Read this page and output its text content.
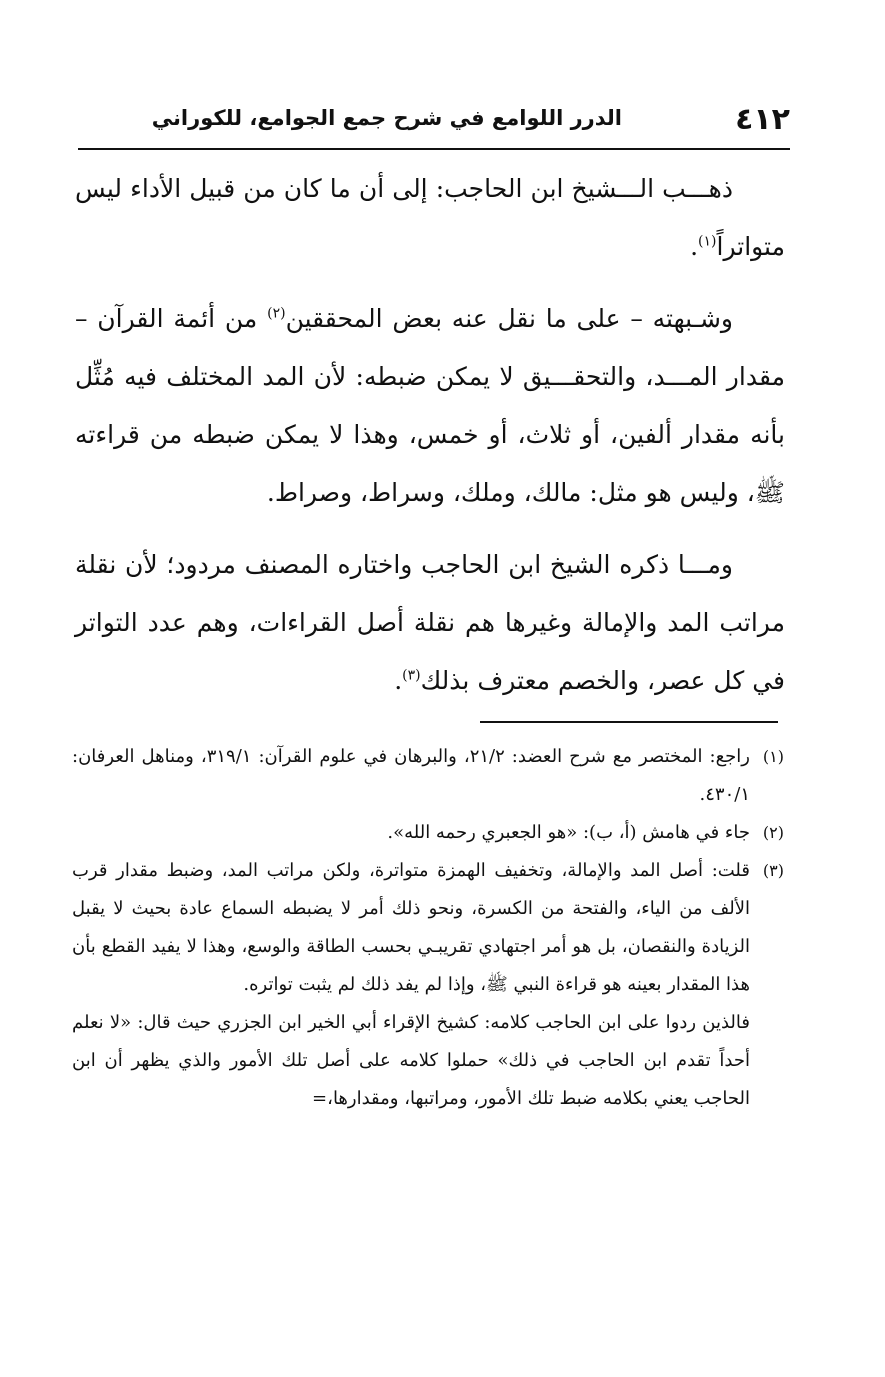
٤١٢
الدرر اللوامع في شرح جمع الجوامع، للكوراني

ذهـــب الـــشيخ ابن الحاجب: إلى أن ما كان من قبيل الأداء ليس متواتراً$^{(١)}$.

وشـبهته – على ما نقل عنه بعض المحققين$^{(٢)}$ من أئمة القرآن – مقدار المـــد، والتحقـــيق لا يمكن ضبطه: لأن المد المختلف فيه مُثِّل بأنه مقدار ألفين، أو ثلاث، أو خمس، وهذا لا يمكن ضبطه من قراءته ﷺ، وليس هو مثل: مالك، وملك، وسراط، وصراط.

ومـــا ذكره الشيخ ابن الحاجب واختاره المصنف مردود؛ لأن نقلة مراتب المد والإمالة وغيرها هم نقلة أصل القراءات، وهم عدد التواتر في كل عصر، والخصم معترف بذلك$^{(٣)}$.

(١)
راجع: المختصر مع شرح العضد: ٢١/٢، والبرهان في علوم القرآن: ٣١٩/١، ومناهل العرفان: ٤٣٠/١.

(٢)
جاء في هامش (أ، ب): «هو الجعبري رحمه الله».

(٣)
قلت: أصل المد والإمالة، وتخفيف الهمزة متواترة، ولكن مراتب المد، وضبط مقدار قرب الألف من الياء، والفتحة من الكسرة، ونحو ذلك أمر لا يضبطه السماع عادة بحيث لا يقبل الزيادة والنقصان، بل هو أمر اجتهادي تقريبـي بحسب الطاقة والوسع، وهذا لا يفيد القطع بأن هذا المقدار بعينه هو قراءة النبي ﷺ، وإذا لم يفد ذلك لم يثبت تواتره.

فالذين ردوا على ابن الحاجب كلامه: كشيخ الإقراء أبي الخير ابن الجزري حيث قال: «لا نعلم أحداً تقدم ابن الحاجب في ذلك» حملوا كلامه على أصل تلك الأمور والذي يظهر أن ابن الحاجب يعني بكلامه ضبط تلك الأمور، ومراتبها، ومقدارها،=
